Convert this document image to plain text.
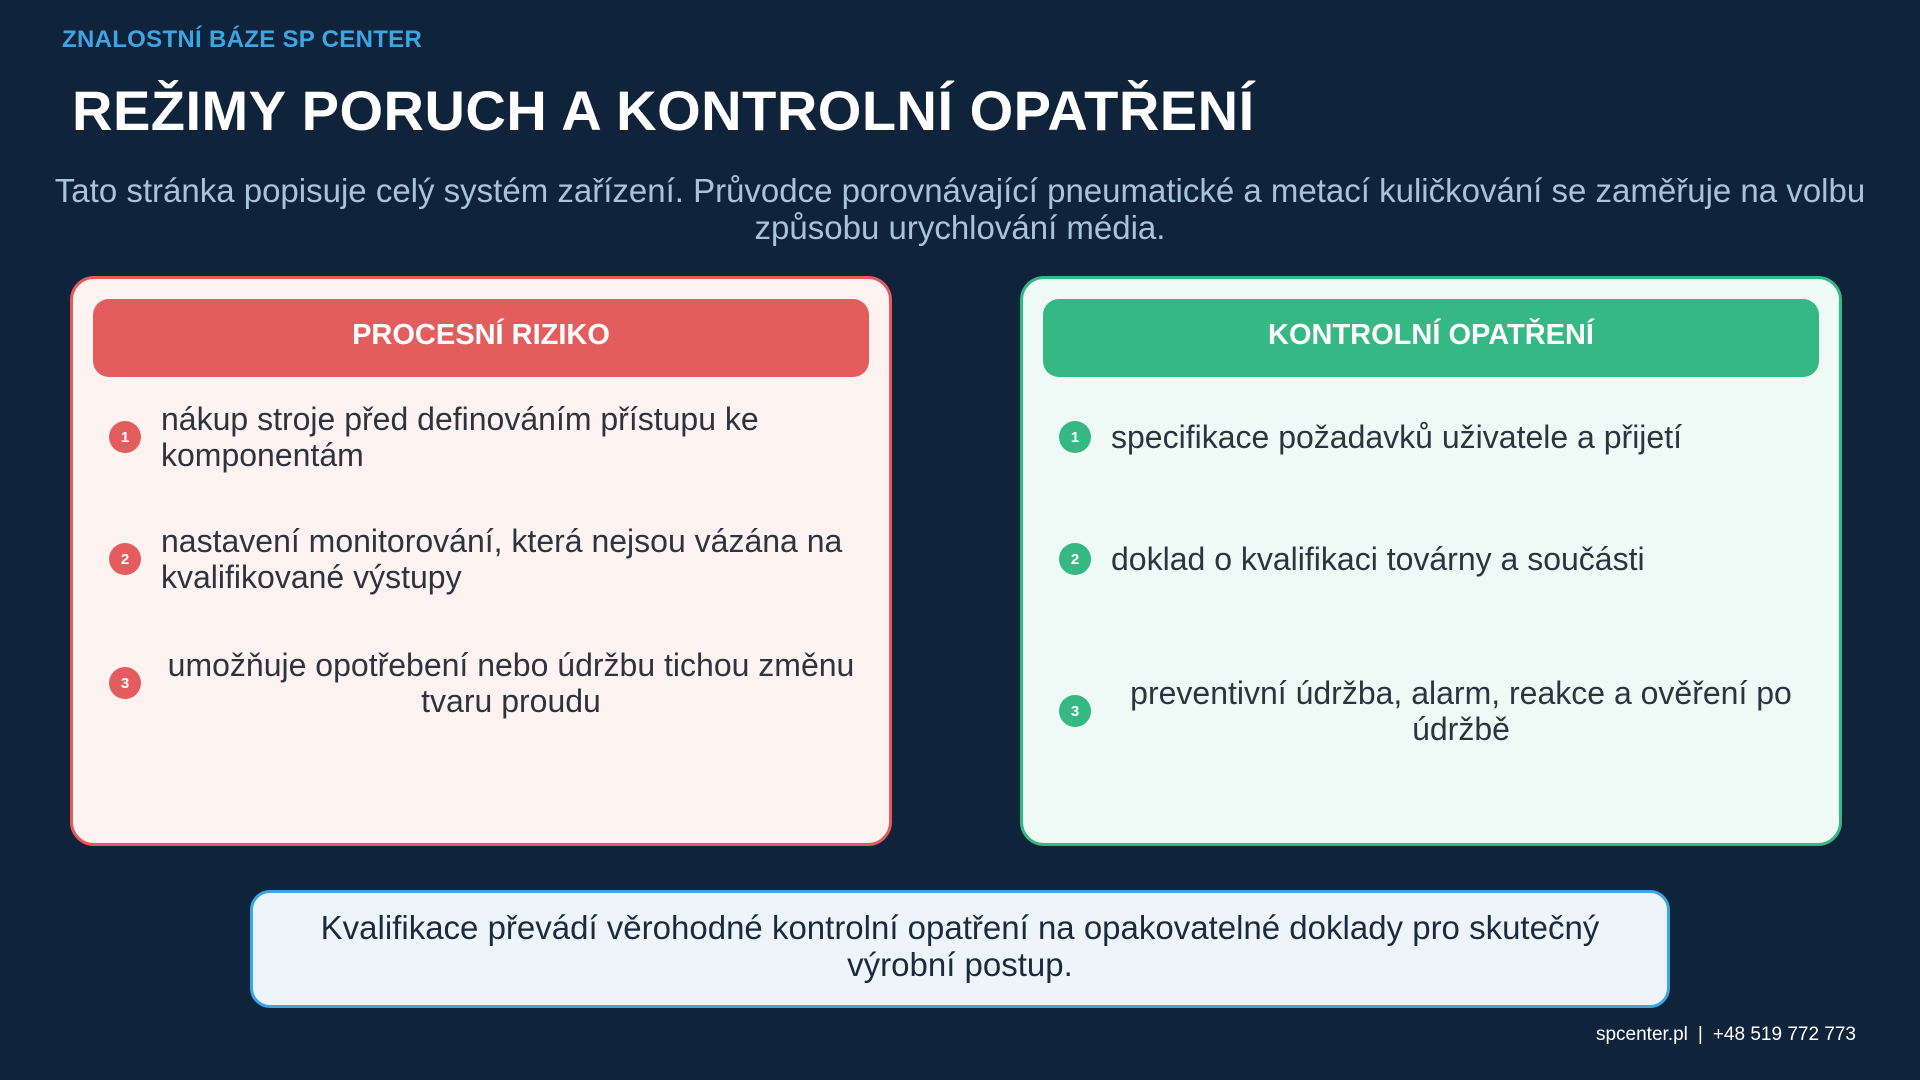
ZNALOSTNÍ BÁZE SP CENTER
REŽIMY PORUCH A KONTROLNÍ OPATŘENÍ
Tato stránka popisuje celý systém zařízení. Průvodce porovnávající pneumatické a metací kuličkování se zaměřuje na volbu způsobu urychlování média.
PROCESNÍ RIZIKO
1 nákup stroje před definováním přístupu ke komponentám
2 nastavení monitorování, která nejsou vázána na kvalifikované výstupy
3	umožňuje opotřebení nebo údržbu tichou změnu tvaru proudu
KONTROLNÍ OPATŘENÍ
1 specifikace požadavků uživatele a přijetí
2 doklad o kvalifikaci továrny a součásti
3	preventivní údržba, alarm, reakce a ověření po údržbě
Kvalifikace převádí věrohodné kontrolní opatření na opakovatelné doklady pro skutečný výrobní postup.
spcenter.pl | +48 519 772 773
